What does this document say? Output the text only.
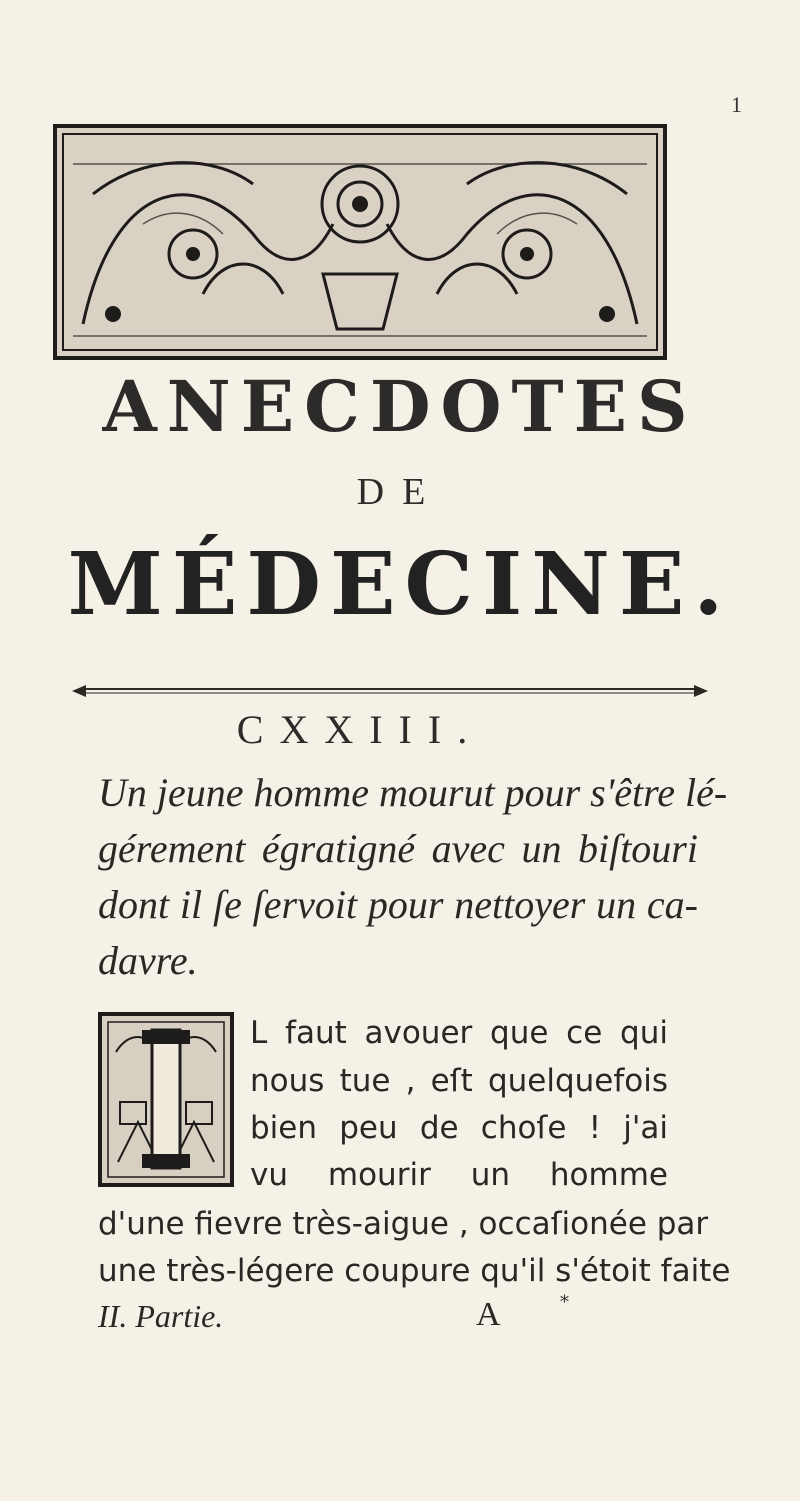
1
ANECDOTES
DE
MÉDECINE.
CXXIII.
Un jeune homme mourut pour s'être lé-
gérement égratigné avec un biſtouri
dont il ſe ſervoit pour nettoyer un ca-
davre.
L faut avouer que ce qui
nous tue , eſt quelquefois
bien peu de choſe ! j'ai
vu mourir un homme
d'une fievre très-aigue , occaſionée par
une très-légere coupure qu'il s'étoit faite
II. Partie.	A	*
